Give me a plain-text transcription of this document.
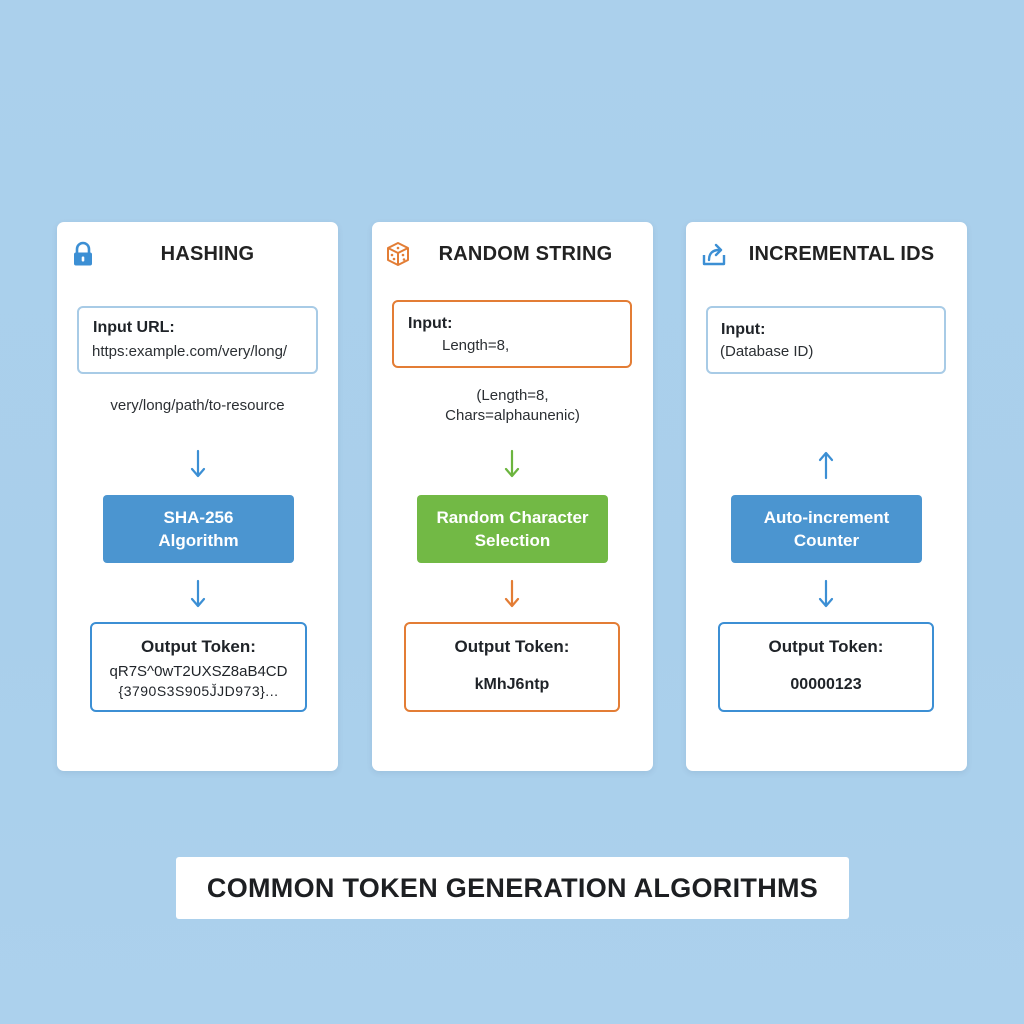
HASHING
Input URL:
https:example.com/very/long/
very/long/path/to-resource
SHA-256
Algorithm
Output Token:
qR7S^0wT2UXSZ8aB4CD
{3790S3S905J̆JD973}...
RANDOM STRING
Input:
Length=8,
(Length=8,
Chars=alphaunenic)
Random Character
Selection
Output Token:
kMhJ6ntp
INCREMENTAL IDS
Input:
(Database ID)
Auto-increment
Counter
Output Token:
00000123
COMMON TOKEN GENERATION ALGORITHMS
